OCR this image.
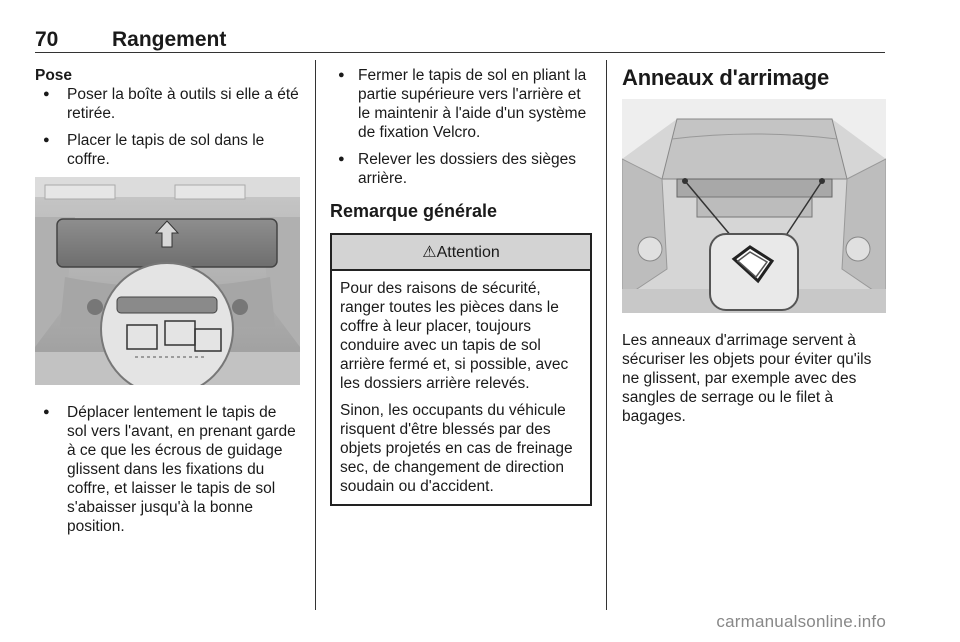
70	Rangement

Pose

● Poser la boîte à outils si elle a été retirée.
● Placer le tapis de sol dans le coffre.
● Déplacer lentement le tapis de sol vers l'avant, en prenant garde à ce que les écrous de guidage glissent dans les fixations du coffre, et laisser le tapis de sol s'abaisser jusqu'à la bonne position.
● Fermer le tapis de sol en pliant la partie supérieure vers l'arrière et le maintenir à l'aide d'un système de fixation Velcro.
● Relever les dossiers des sièges arrière.
Remarque générale
⚠Attention

Pour des raisons de sécurité, ranger toutes les pièces dans le coffre à leur placer, toujours conduire avec un tapis de sol arrière fermé et, si possible, avec les dossiers arrière relevés.

Sinon, les occupants du véhicule risquent d'être blessés par des objets projetés en cas de freinage sec, de changement de direction soudain ou d'accident.

Anneaux d'arrimage

Les anneaux d'arrimage servent à sécuriser les objets pour éviter qu'ils ne glissent, par exemple avec des sangles de serrage ou le filet à bagages.

carmanualsonline.info
